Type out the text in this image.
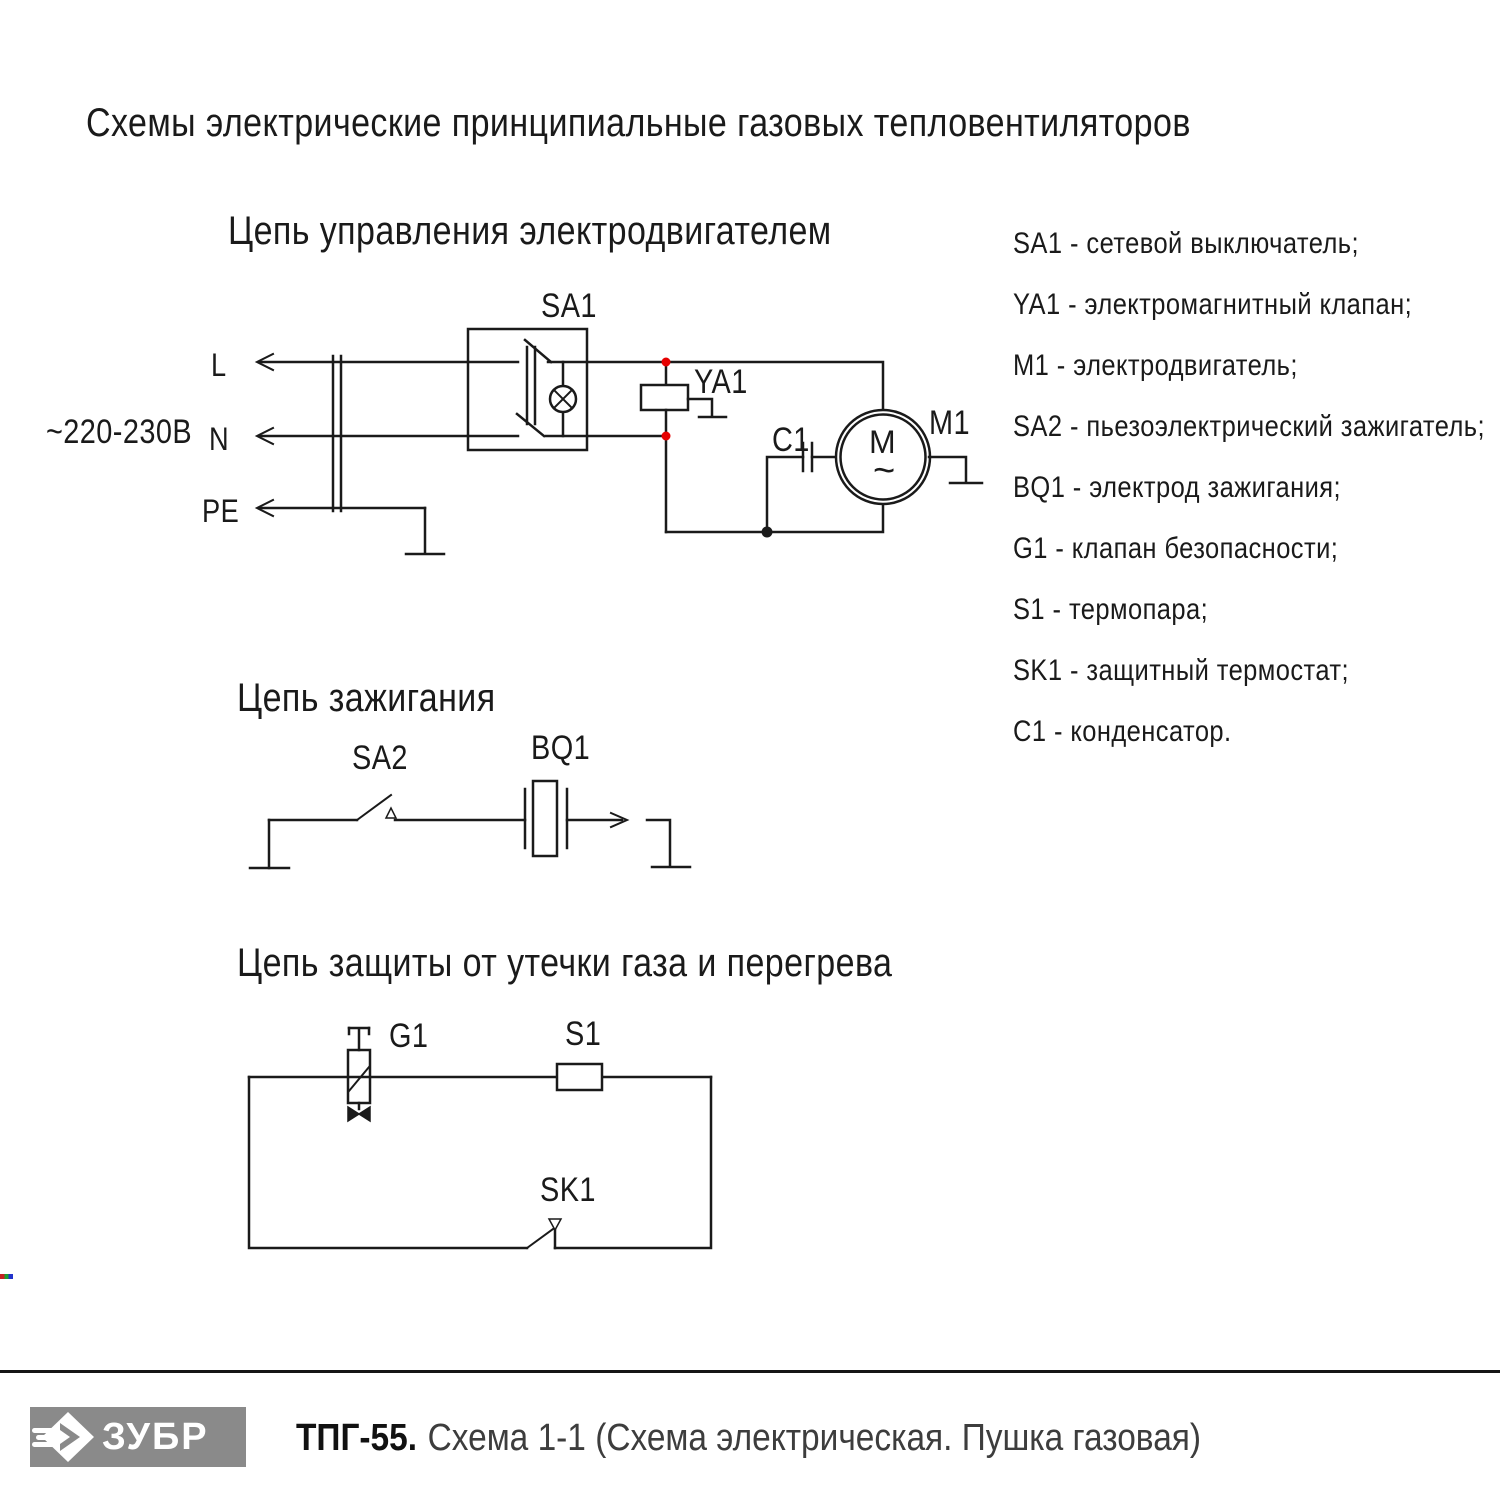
Схемы электрические принципиальные газовых тепловентиляторов
Цепь управления электродвигателем
~220-230В
L
N
PE
SA1
YA1
C1	M1
M
~
Цепь зажигания
SA2	BQ1
Цепь защиты от утечки газа и перегрева
G1	S1
SK1
SA1 - сетевой выключатель;
YA1 - электромагнитный клапан;
M1 - электродвигатель;
SA2 - пьезоэлектрический зажигатель;
BQ1 - электрод зажигания;
G1 - клапан безопасности;
S1 - термопара;
SK1 - защитный термостат;
C1 - конденсатор.
ЗУБР ТПГ-55. Схема 1-1 (Схема электрическая. Пушка газовая)
